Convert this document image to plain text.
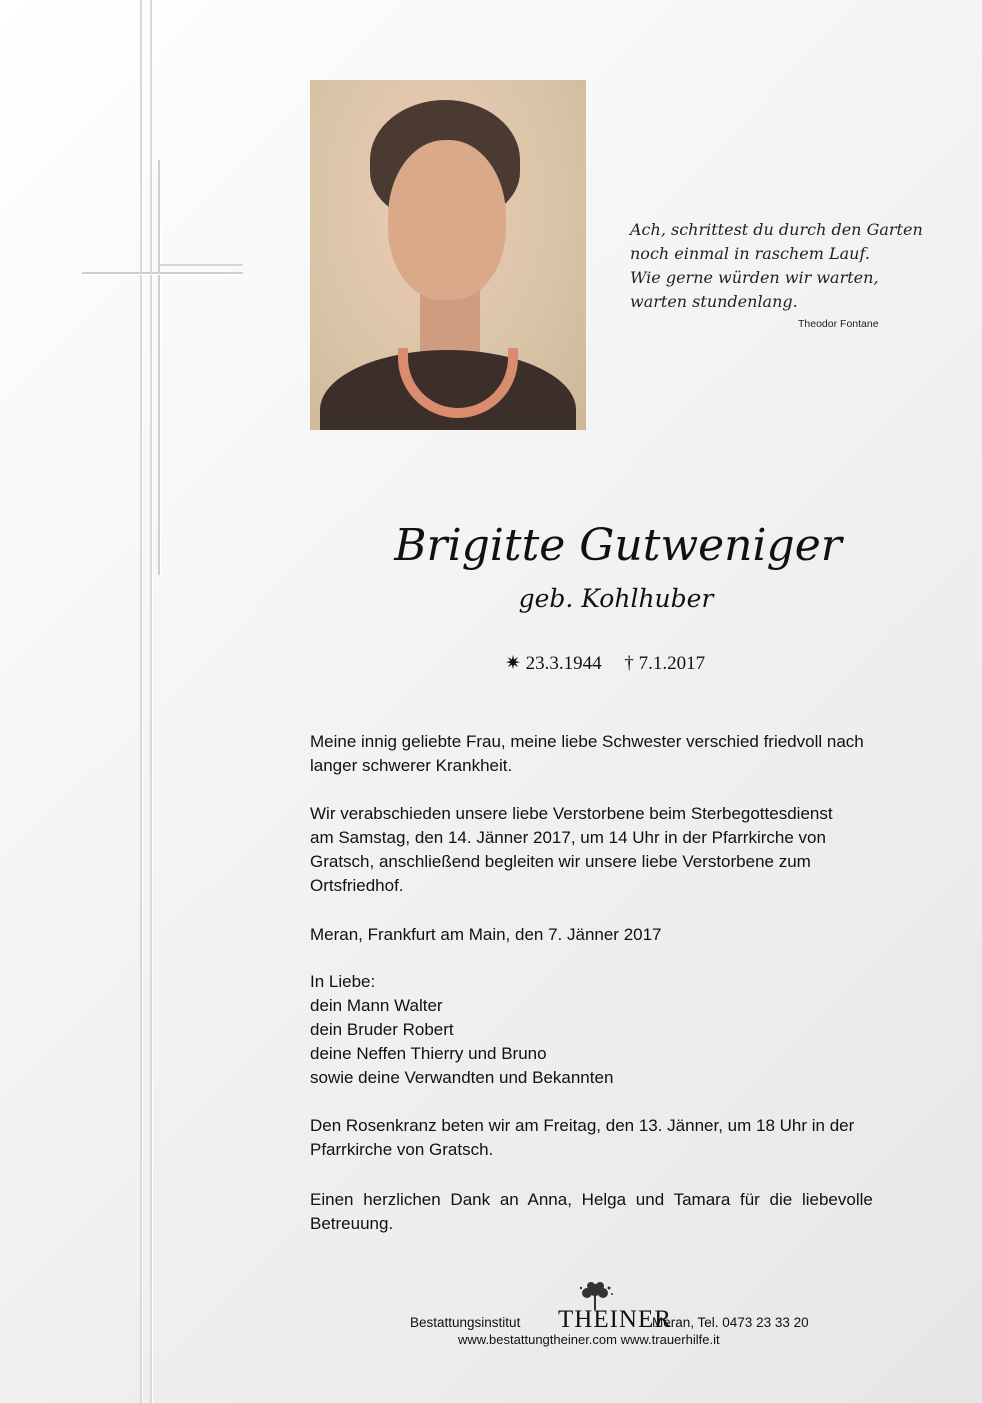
Ach, schrittest du durch den Garten
noch einmal in raschem Lauf.
Wie gerne würden wir warten,
warten stundenlang.
Theodor Fontane
Brigitte Gutweniger
geb. Kohlhuber
✷ 23.3.1944 † 7.1.2017
Meine innig geliebte Frau, meine liebe Schwester verschied friedvoll nach
langer schwerer Krankheit.
Wir verabschieden unsere liebe Verstorbene beim Sterbegottesdienst
am Samstag, den 14. Jänner 2017, um 14 Uhr in der Pfarrkirche von
Gratsch, anschließend begleiten wir unsere liebe Verstorbene zum
Ortsfriedhof.
Meran, Frankfurt am Main, den 7. Jänner 2017
In Liebe:
dein Mann Walter
dein Bruder Robert
deine Neffen Thierry und Bruno
sowie deine Verwandten und Bekannten
Den Rosenkranz beten wir am Freitag, den 13. Jänner, um 18 Uhr in der
Pfarrkirche von Gratsch.
Einen herzlichen Dank an Anna, Helga und Tamara für die liebevolle
Betreuung.
Bestattungsinstitut THEINER
Meran, Tel. 0473 23 33 20
www.bestattungtheiner.com www.trauerhilfe.it
